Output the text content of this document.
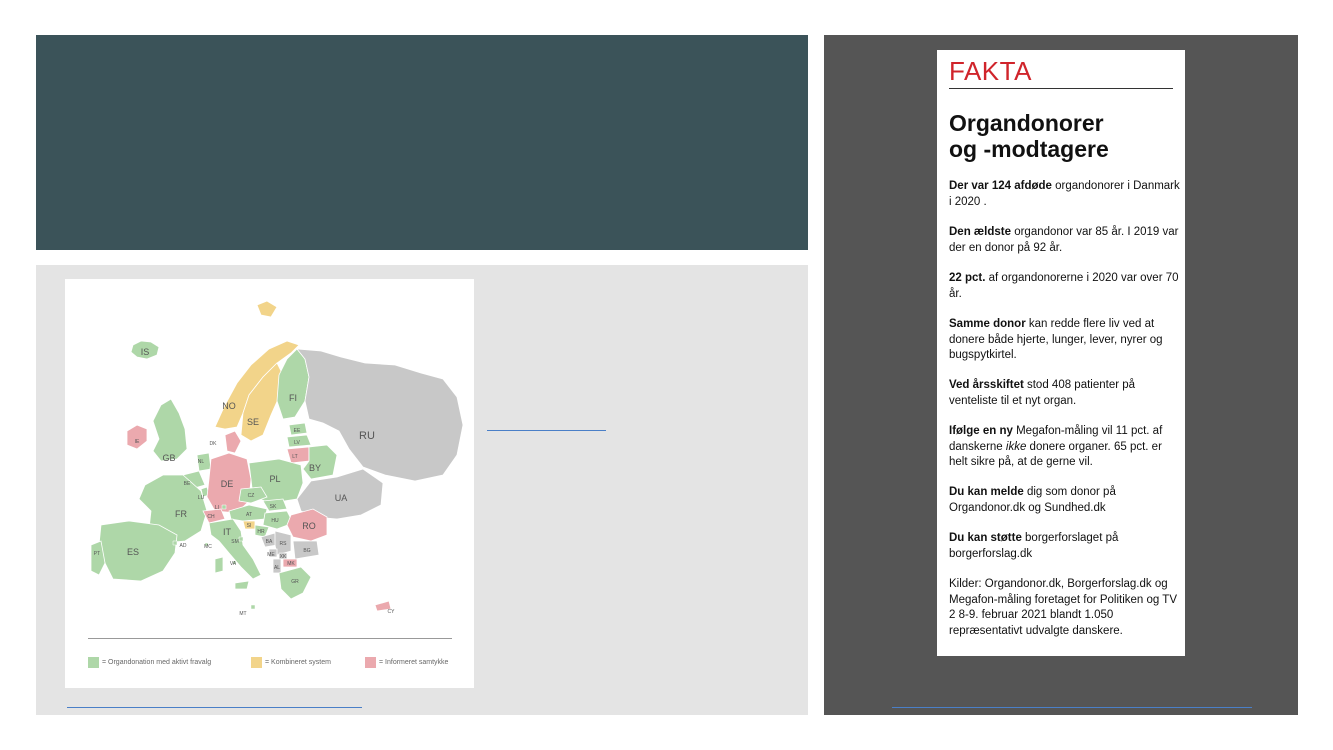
IS
NO
SE
FI
RU
IE
GB
DK
EE
LV
LT
BY
NL
BE
LU
DE	PL
UA
FR	CH
LI
AT
CZ
SK
HU	RO
SI
HR
BA RS
BG
IT
SM
ME
AL
MK
XK
GR
ES
PT
AD	MC
VA
MT	CY
= Organdonation med aktivt fravalg	= Kombineret system	= Informeret samtykke
FAKTA
Organdonorer
og -modtagere

Der var 124 afdøde organdonorer i Danmark i 2020 .

Den ældste organdonor var 85 år. I 2019 var der en donor på 92 år.

22 pct. af organdonorerne i 2020 var over 70 år.

Samme donor kan redde flere liv ved at donere både hjerte, lunger, lever, nyrer og bugspytkirtel.

Ved årsskiftet stod 408 patienter på venteliste til et nyt organ.

Ifølge en ny Megafon-måling vil 11 pct. af danskerne ikke donere organer. 65 pct. er helt sikre på, at de gerne vil.

Du kan melde dig som donor på Organdonor.dk og Sundhed.dk

Du kan støtte borgerforslaget på borgerforslag.dk

Kilder: Organdonor.dk, Borgerforslag.dk og Megafon-måling foretaget for Politiken og TV 2 8-9. februar 2021 blandt 1.050 repræsentativt udvalgte danskere.
